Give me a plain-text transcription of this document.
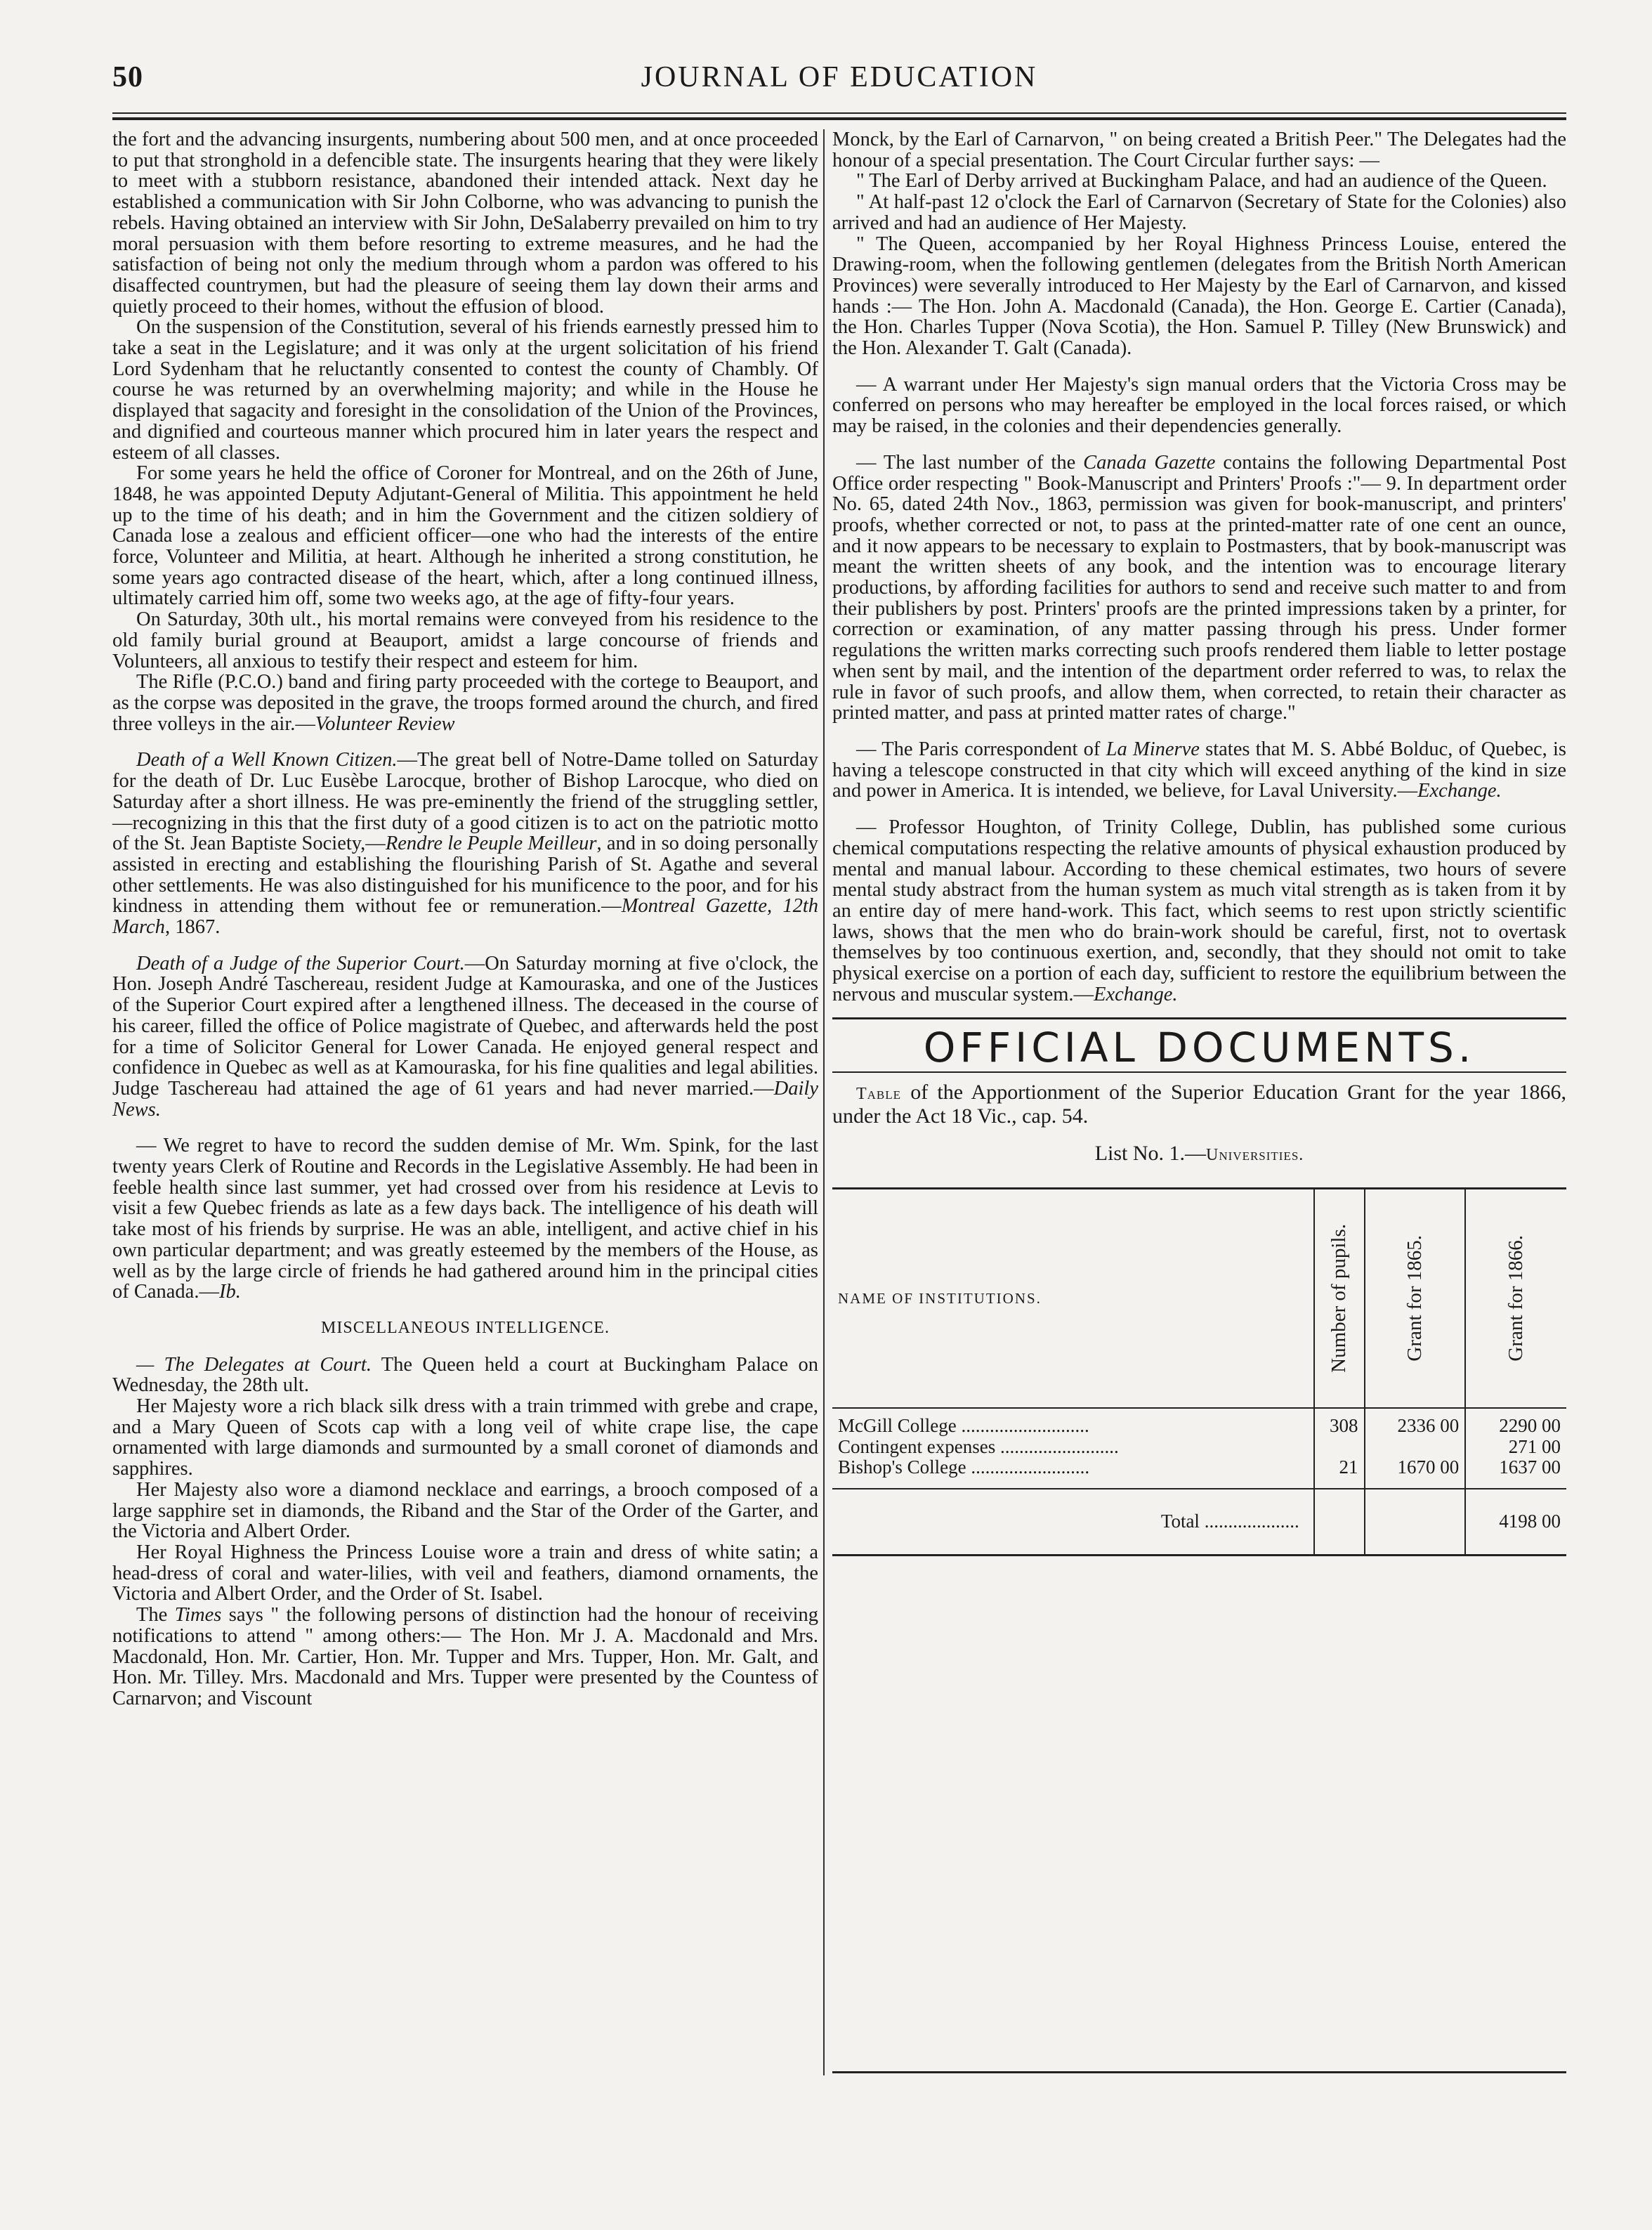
50	JOURNAL OF EDUCATION

the fort and the advancing insurgents, numbering about 500 men, and at once proceeded to put that stronghold in a defencible state. The insurgents hearing that they were likely to meet with a stubborn resistance, abandoned their intended attack. Next day he established a communication with Sir John Colborne, who was advancing to punish the rebels. Having obtained an interview with Sir John, DeSalaberry prevailed on him to try moral persuasion with them before resorting to extreme measures, and he had the satisfaction of being not only the medium through whom a pardon was offered to his disaffected countrymen, but had the pleasure of seeing them lay down their arms and quietly proceed to their homes, without the effusion of blood.

On the suspension of the Constitution, several of his friends earnestly pressed him to take a seat in the Legislature; and it was only at the urgent solicitation of his friend Lord Sydenham that he reluctantly consented to contest the county of Chambly. Of course he was returned by an overwhelming majority; and while in the House he displayed that sagacity and foresight in the consolidation of the Union of the Provinces, and dignified and courteous manner which procured him in later years the respect and esteem of all classes.

For some years he held the office of Coroner for Montreal, and on the 26th of June, 1848, he was appointed Deputy Adjutant-General of Militia. This appointment he held up to the time of his death; and in him the Government and the citizen soldiery of Canada lose a zealous and efficient officer—one who had the interests of the entire force, Volunteer and Militia, at heart. Although he inherited a strong constitution, he some years ago contracted disease of the heart, which, after a long continued illness, ultimately carried him off, some two weeks ago, at the age of fifty-four years.

On Saturday, 30th ult., his mortal remains were conveyed from his residence to the old family burial ground at Beauport, amidst a large concourse of friends and Volunteers, all anxious to testify their respect and esteem for him.

The Rifle (P.C.O.) band and firing party proceeded with the cortege to Beauport, and as the corpse was deposited in the grave, the troops formed around the church, and fired three volleys in the air.—Volunteer Review

Death of a Well Known Citizen.—The great bell of Notre-Dame tolled on Saturday for the death of Dr. Luc Eusèbe Larocque, brother of Bishop Larocque, who died on Saturday after a short illness. He was pre-eminently the friend of the struggling settler,—recognizing in this that the first duty of a good citizen is to act on the patriotic motto of the St. Jean Baptiste Society,—Rendre le Peuple Meilleur, and in so doing personally assisted in erecting and establishing the flourishing Parish of St. Agathe and several other settlements. He was also distinguished for his munificence to the poor, and for his kindness in attending them without fee or remuneration.—Montreal Gazette, 12th March, 1867.

Death of a Judge of the Superior Court.—On Saturday morning at five o'clock, the Hon. Joseph André Taschereau, resident Judge at Kamouraska, and one of the Justices of the Superior Court expired after a lengthened illness. The deceased in the course of his career, filled the office of Police magistrate of Quebec, and afterwards held the post for a time of Solicitor General for Lower Canada. He enjoyed general respect and confidence in Quebec as well as at Kamouraska, for his fine qualities and legal abilities. Judge Taschereau had attained the age of 61 years and had never married.—Daily News.

— We regret to have to record the sudden demise of Mr. Wm. Spink, for the last twenty years Clerk of Routine and Records in the Legislative Assembly. He had been in feeble health since last summer, yet had crossed over from his residence at Levis to visit a few Quebec friends as late as a few days back. The intelligence of his death will take most of his friends by surprise. He was an able, intelligent, and active chief in his own particular department; and was greatly esteemed by the members of the House, as well as by the large circle of friends he had gathered around him in the principal cities of Canada.—Ib.

MISCELLANEOUS INTELLIGENCE.

— The Delegates at Court. The Queen held a court at Buckingham Palace on Wednesday, the 28th ult.

Her Majesty wore a rich black silk dress with a train trimmed with grebe and crape, and a Mary Queen of Scots cap with a long veil of white crape lise, the cape ornamented with large diamonds and surmounted by a small coronet of diamonds and sapphires.

Her Majesty also wore a diamond necklace and earrings, a brooch composed of a large sapphire set in diamonds, the Riband and the Star of the Order of the Garter, and the Victoria and Albert Order.

Her Royal Highness the Princess Louise wore a train and dress of white satin; a head-dress of coral and water-lilies, with veil and feathers, diamond ornaments, the Victoria and Albert Order, and the Order of St. Isabel.

The Times says " the following persons of distinction had the honour of receiving notifications to attend " among others:— The Hon. Mr J. A. Macdonald and Mrs. Macdonald, Hon. Mr. Cartier, Hon. Mr. Tupper and Mrs. Tupper, Hon. Mr. Galt, and Hon. Mr. Tilley. Mrs. Macdonald and Mrs. Tupper were presented by the Countess of Carnarvon; and Viscount

Monck, by the Earl of Carnarvon, " on being created a British Peer." The Delegates had the honour of a special presentation. The Court Circular further says: —

" The Earl of Derby arrived at Buckingham Palace, and had an audience of the Queen.

" At half-past 12 o'clock the Earl of Carnarvon (Secretary of State for the Colonies) also arrived and had an audience of Her Majesty.

" The Queen, accompanied by her Royal Highness Princess Louise, entered the Drawing-room, when the following gentlemen (delegates from the British North American Provinces) were severally introduced to Her Majesty by the Earl of Carnarvon, and kissed hands :— The Hon. John A. Macdonald (Canada), the Hon. George E. Cartier (Canada), the Hon. Charles Tupper (Nova Scotia), the Hon. Samuel P. Tilley (New Brunswick) and the Hon. Alexander T. Galt (Canada).

— A warrant under Her Majesty's sign manual orders that the Victoria Cross may be conferred on persons who may hereafter be employed in the local forces raised, or which may be raised, in the colonies and their dependencies generally.

— The last number of the Canada Gazette contains the following Departmental Post Office order respecting " Book-Manuscript and Printers' Proofs :"— 9. In department order No. 65, dated 24th Nov., 1863, permission was given for book-manuscript, and printers' proofs, whether corrected or not, to pass at the printed-matter rate of one cent an ounce, and it now appears to be necessary to explain to Postmasters, that by book-manuscript was meant the written sheets of any book, and the intention was to encourage literary productions, by affording facilities for authors to send and receive such matter to and from their publishers by post. Printers' proofs are the printed impressions taken by a printer, for correction or examination, of any matter passing through his press. Under former regulations the written marks correcting such proofs rendered them liable to letter postage when sent by mail, and the intention of the department order referred to was, to relax the rule in favor of such proofs, and allow them, when corrected, to retain their character as printed matter, and pass at printed matter rates of charge."

— The Paris correspondent of La Minerve states that M. S. Abbé Bolduc, of Quebec, is having a telescope constructed in that city which will exceed anything of the kind in size and power in America. It is intended, we believe, for Laval University.—Exchange.

— Professor Houghton, of Trinity College, Dublin, has published some curious chemical computations respecting the relative amounts of physical exhaustion produced by mental and manual labour. According to these chemical estimates, two hours of severe mental study abstract from the human system as much vital strength as is taken from it by an entire day of mere hand-work. This fact, which seems to rest upon strictly scientific laws, shows that the men who do brain-work should be careful, first, not to overtask themselves by too continuous exertion, and, secondly, that they should not omit to take physical exercise on a portion of each day, sufficient to restore the equilibrium between the nervous and muscular system.—Exchange.

OFFICIAL DOCUMENTS.

Table of the Apportionment of the Superior Education Grant for the year 1866, under the Act 18 Vic., cap. 54.

List No. 1.—Universities.

NAME OF INSTITUTIONS.	Number of pupils.	Grant for 1865.	Grant for 1866.

McGill College ...........................	308	2336 00	2290 00
Contingent expenses .........................			271 00
Bishop's College .........................	21	1670 00	1637 00

Total ....................			4198 00
